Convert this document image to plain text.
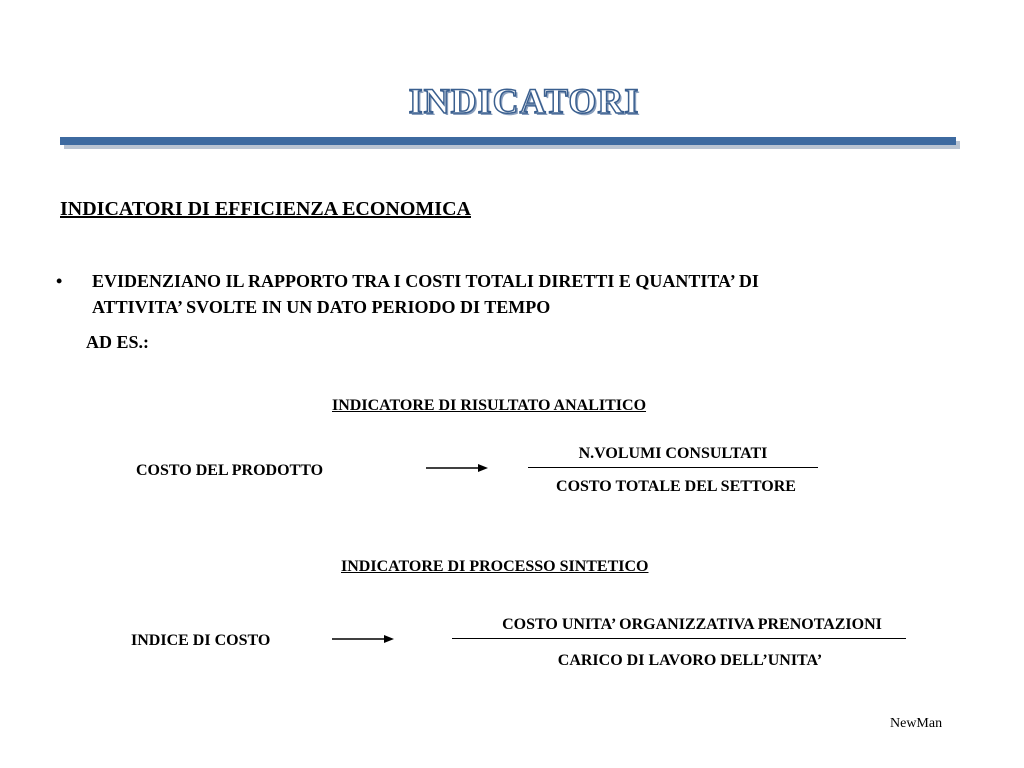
INDICATORI
INDICATORI DI EFFICIENZA ECONOMICA
• EVIDENZIANO IL RAPPORTO TRA I COSTI TOTALI DIRETTI E QUANTITA’ DI
ATTIVITA’ SVOLTE IN UN DATO PERIODO DI TEMPO
AD ES.:
INDICATORE DI RISULTATO ANALITICO
COSTO DEL PRODOTTO
N.VOLUMI CONSULTATI
COSTO TOTALE DEL SETTORE
INDICATORE DI PROCESSO SINTETICO
INDICE DI COSTO
COSTO UNITA’ ORGANIZZATIVA PRENOTAZIONI
CARICO DI LAVORO DELL’UNITA’
NewMan
